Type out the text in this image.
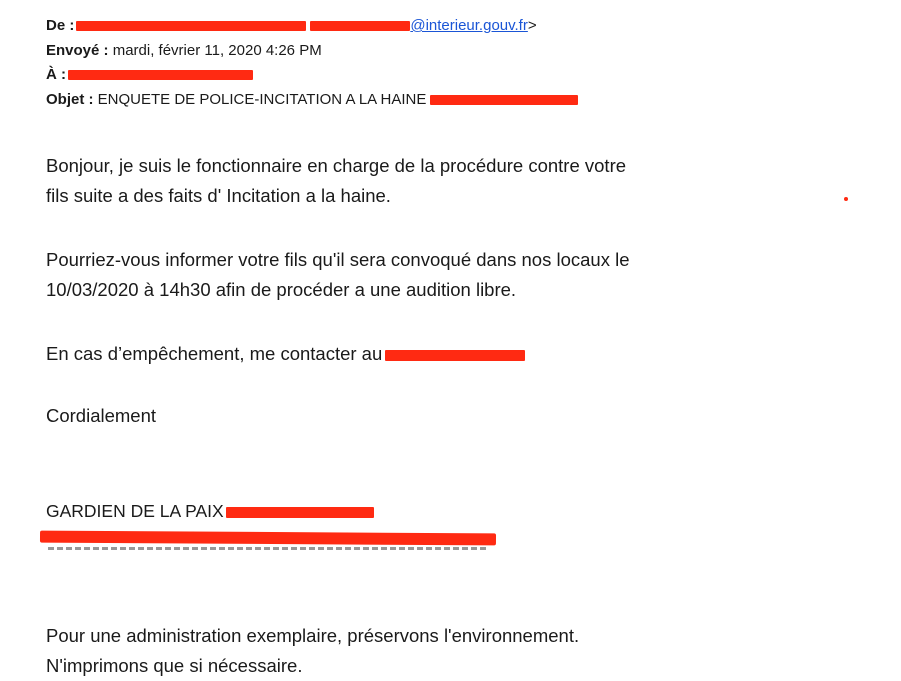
De :	@interieur.gouv.fr>
Envoyé : mardi, février 11, 2020 4:26 PM
À :
Objet : ENQUETE DE POLICE-INCITATION A LA HAINE
Bonjour, je suis le fonctionnaire en charge de la procédure contre votre
fils suite a des faits d' Incitation a la haine.
Pourriez-vous informer votre fils qu'il sera convoqué dans nos locaux le
10/03/2020 à 14h30 afin de procéder a une audition libre.
En cas d’empêchement, me contacter au
Cordialement
GARDIEN DE LA PAIX
Pour une administration exemplaire, préservons l'environnement.
N'imprimons que si nécessaire.
